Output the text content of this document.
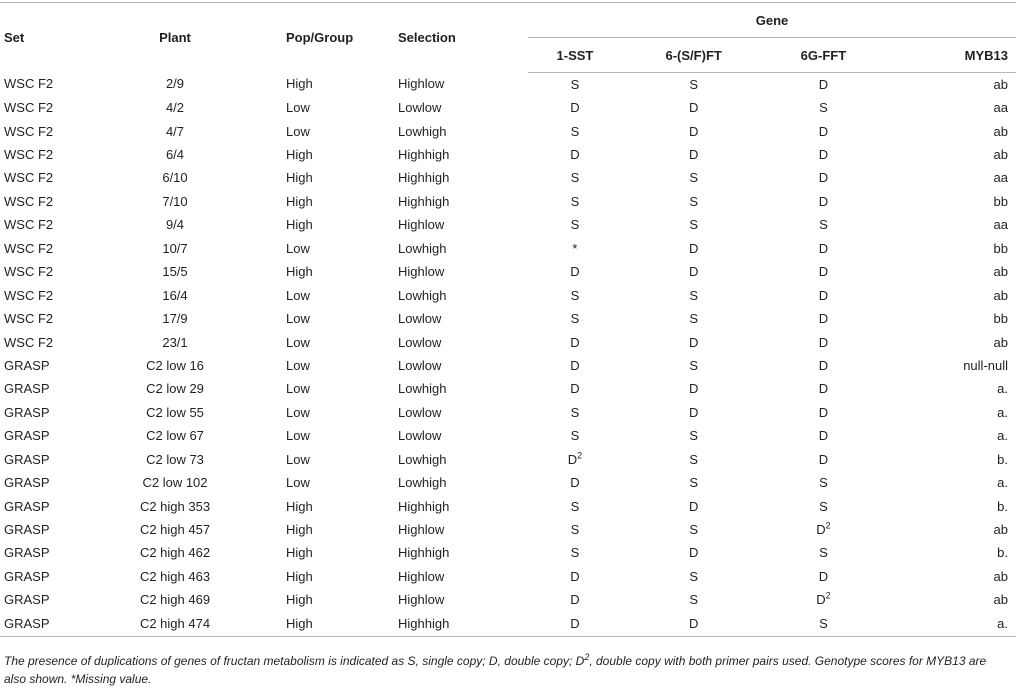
Set	Plant	Pop/Group	Selection	Gene			
				1-SST	6-(S/F)FT	6G-FFT	MYB13
WSC F2	2/9	High	Highlow	S	S	D	ab
WSC F2	4/2	Low	Lowlow	D	D	S	aa
WSC F2	4/7	Low	Lowhigh	S	D	D	ab
WSC F2	6/4	High	Highhigh	D	D	D	ab
WSC F2	6/10	High	Highhigh	S	S	D	aa
WSC F2	7/10	High	Highhigh	S	S	D	bb
WSC F2	9/4	High	Highlow	S	S	S	aa
WSC F2	10/7	Low	Lowhigh	*	D	D	bb
WSC F2	15/5	High	Highlow	D	D	D	ab
WSC F2	16/4	Low	Lowhigh	S	S	D	ab
WSC F2	17/9	Low	Lowlow	S	S	D	bb
WSC F2	23/1	Low	Lowlow	D	D	D	ab
GRASP	C2 low 16	Low	Lowlow	D	S	D	null-null
GRASP	C2 low 29	Low	Lowhigh	D	D	D	a.
GRASP	C2 low 55	Low	Lowlow	S	D	D	a.
GRASP	C2 low 67	Low	Lowlow	S	S	D	a.
GRASP	C2 low 73	Low	Lowhigh	$D^2$	S	D	b.
GRASP	C2 low 102	Low	Lowhigh	D	S	S	a.
GRASP	C2 high 353	High	Highhigh	S	D	S	b.
GRASP	C2 high 457	High	Highlow	S	S	$D^2$	ab
GRASP	C2 high 462	High	Highhigh	S	D	S	b.
GRASP	C2 high 463	High	Highlow	D	S	D	ab
GRASP	C2 high 469	High	Highlow	D	S	$D^2$	ab
GRASP	C2 high 474	High	Highhigh	D	D	S	a.
The presence of duplications of genes of fructan metabolism is indicated as S, single copy; D, double copy; $D^2$, double copy with both primer pairs used. Genotype scores for MYB13 are also shown. *Missing value.
